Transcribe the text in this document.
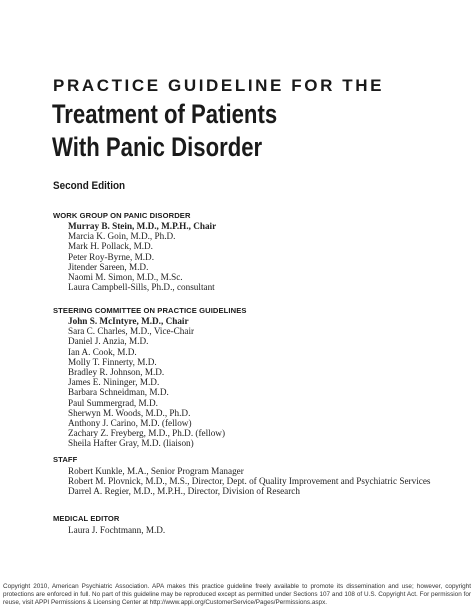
PRACTICE GUIDELINE FOR THE
Treatment of Patients
With Panic Disorder
Second Edition
WORK GROUP ON PANIC DISORDER
Murray B. Stein, M.D., M.P.H., Chair
Marcia K. Goin, M.D., Ph.D.
Mark H. Pollack, M.D.
Peter Roy-Byrne, M.D.
Jitender Sareen, M.D.
Naomi M. Simon, M.D., M.Sc.
Laura Campbell-Sills, Ph.D., consultant
STEERING COMMITTEE ON PRACTICE GUIDELINES
John S. McIntyre, M.D., Chair
Sara C. Charles, M.D., Vice-Chair
Daniel J. Anzia, M.D.
Ian A. Cook, M.D.
Molly T. Finnerty, M.D.
Bradley R. Johnson, M.D.
James E. Nininger, M.D.
Barbara Schneidman, M.D.
Paul Summergrad, M.D.
Sherwyn M. Woods, M.D., Ph.D.
Anthony J. Carino, M.D. (fellow)
Zachary Z. Freyberg, M.D., Ph.D. (fellow)
Sheila Hafter Gray, M.D. (liaison)
STAFF
Robert Kunkle, M.A., Senior Program Manager
Robert M. Plovnick, M.D., M.S., Director, Dept. of Quality Improvement and Psychiatric Services
Darrel A. Regier, M.D., M.P.H., Director, Division of Research
MEDICAL EDITOR
Laura J. Fochtmann, M.D.
Copyright 2010, American Psychiatric Association. APA makes this practice guideline freely available to promote its dissemination and use; however, copyright protections are enforced in full. No part of this guideline may be reproduced except as permitted under Sections 107 and 108 of U.S. Copyright Act. For permission for reuse, visit APPI Permissions & Licensing Center at http://www.appi.org/CustomerService/Pages/Permissions.aspx.
